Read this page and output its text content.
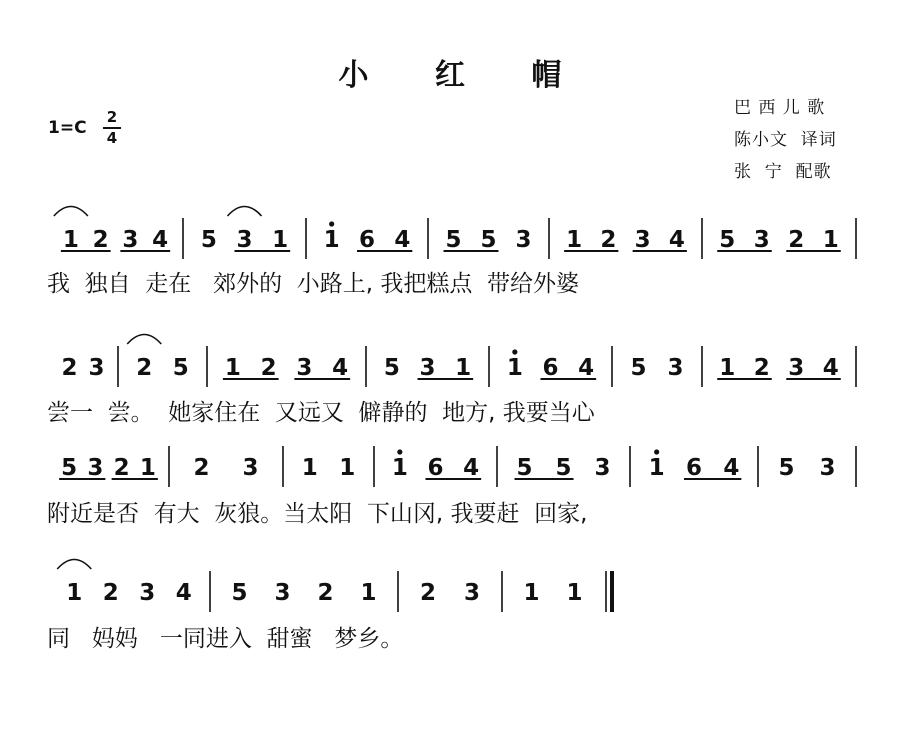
小 红 帽
$1=C \frac{2}{4}$	巴 西 儿 歌
陈小文  译词
张  宁  配歌
1 2 3 4 5 3 1 1 6 4 5 5 3 1 2 3 4 5 3 2 1
2 3 2 5 1 2 3 4 5 3 1 1 6 4 5 3 1 2 3 4
5 3 2 1 2 3 1 1 1 6 4 5 5 3 1 6 4 5 3
1 2 3 4 5 3 2 1 2 3 1 1
我  独自  走在   郊外的  小路上, 我把糕点  带给外婆
尝一  尝。  她家住在  又远又  僻静的  地方, 我要当心
附近是否  有大  灰狼。当太阳  下山冈, 我要赶  回家,
同   妈妈   一同进入  甜蜜   梦乡。
